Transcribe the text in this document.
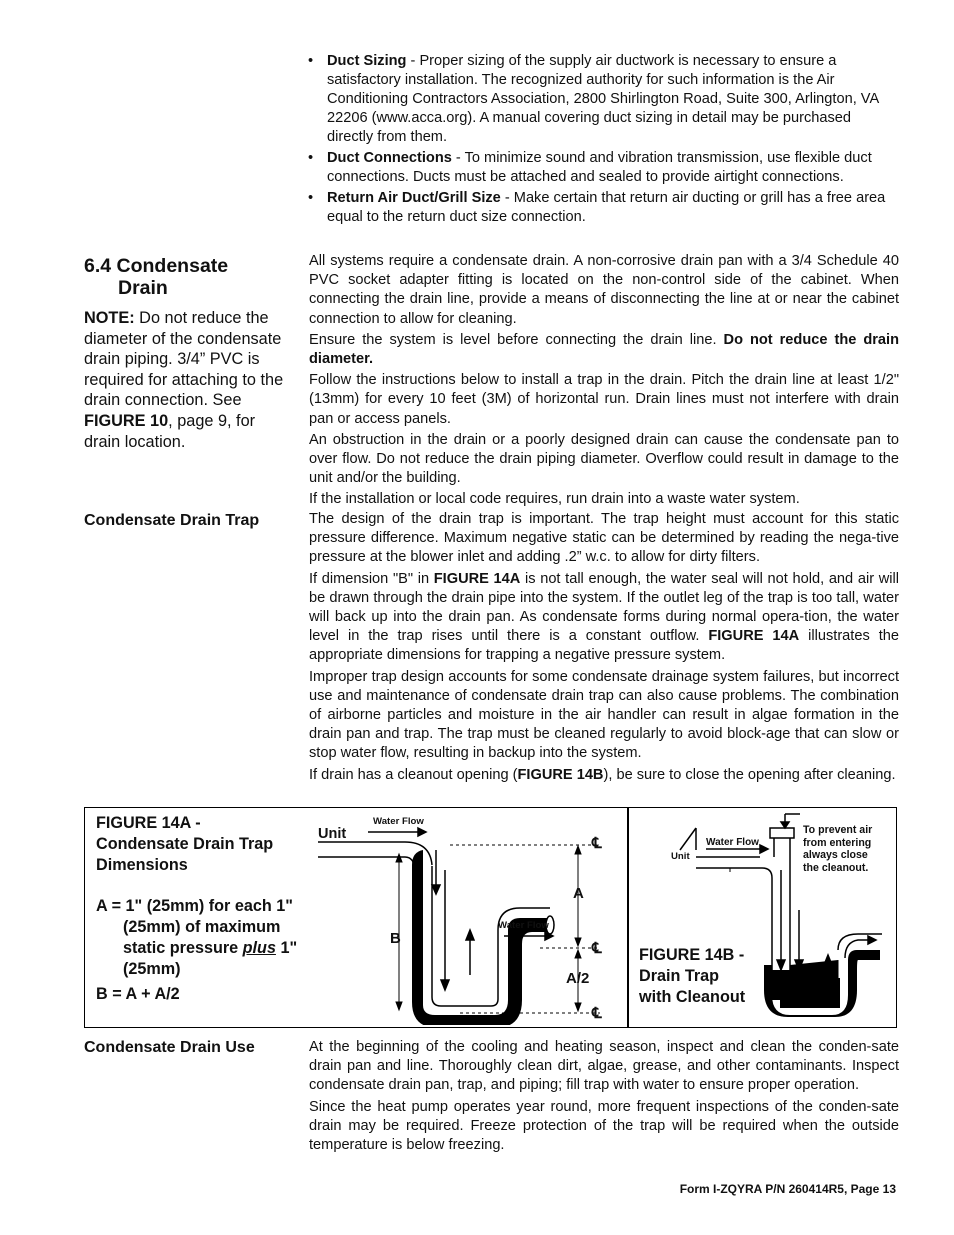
• Duct Sizing - Proper sizing of the supply air ductwork is necessary to ensure a satisfactory installation. The recognized authority for such information is the Air Conditioning Contractors Association, 2800 Shirlington Road, Suite 300, Arlington, VA 22206 (www.acca.org). A manual covering duct sizing in detail may be purchased directly from them.
• Duct Connections - To minimize sound and vibration transmission, use flexible duct connections. Ducts must be attached and sealed to provide airtight connections.
• Return Air Duct/Grill Size - Make certain that return air ducting or grill has a free area equal to the return duct size connection.
6.4 Condensate
Drain
NOTE: Do not reduce the diameter of the condensate drain piping. 3/4” PVC is required for attaching to the drain connection. See FIGURE 10, page 9, for drain location.

All systems require a condensate drain. A non-corrosive drain pan with a 3/4 Schedule 40 PVC socket adapter fitting is located on the non-control side of the cabinet. When connecting the drain line, provide a means of disconnecting the line at or near the cabinet connection to allow for cleaning.

Ensure the system is level before connecting the drain line. Do not reduce the drain diameter.

Follow the instructions below to install a trap in the drain. Pitch the drain line at least 1/2" (13mm) for every 10 feet (3M) of horizontal run. Drain lines must not interfere with drain pan or access panels.

An obstruction in the drain or a poorly designed drain can cause the condensate pan to over flow. Do not reduce the drain piping diameter. Overflow could result in damage to the unit and/or the building.

If the installation or local code requires, run drain into a waste water system.

Condensate Drain Trap	The design of the drain trap is important. The trap height must account for this static pressure difference. Maximum negative static can be determined by reading the nega-tive pressure at the blower inlet and adding .2” w.c. to allow for dirty filters.

If dimension "B" in FIGURE 14A is not tall enough, the water seal will not hold, and air will be drawn through the drain pipe into the system. If the outlet leg of the trap is too tall, water will back up into the drain pan. As condensate forms during normal opera-tion, the water level in the trap rises until there is a constant outflow. FIGURE 14A illustrates the appropriate dimensions for trapping a negative pressure system.

Improper trap design accounts for some condensate drainage system failures, but incorrect use and maintenance of condensate drain trap can also cause problems. The combination of airborne particles and moisture in the air handler can result in algae formation in the drain pan and trap. The trap must be cleaned regularly to avoid block-age that can slow or stop water flow, resulting in backup into the system.

If drain has a cleanout opening (FIGURE 14B), be sure to close the opening after cleaning.

FIGURE 14A -
Condensate Drain Trap
Dimensions
A = 1" (25mm) for each 1"
(25mm) of maximum
static pressure plus 1"
(25mm)
B = A + A/2
Unit
Water Flow
Water Flow
A
B
A/2
℄
℄
℄
FIGURE 14B -
Drain Trap
with Cleanout
Water Flow
Unit
To prevent air
from entering
always close
the cleanout.
Condensate Drain Use	At the beginning of the cooling and heating season, inspect and clean the conden-sate drain pan and line. Thoroughly clean dirt, algae, grease, and other contaminants. Inspect condensate drain pan, trap, and piping; fill trap with water to ensure proper operation.

Since the heat pump operates year round, more frequent inspections of the conden-sate drain may be required. Freeze protection of the trap will be required when the outside temperature is below freezing.

Form I-ZQYRA P/N 260414R5, Page 13
